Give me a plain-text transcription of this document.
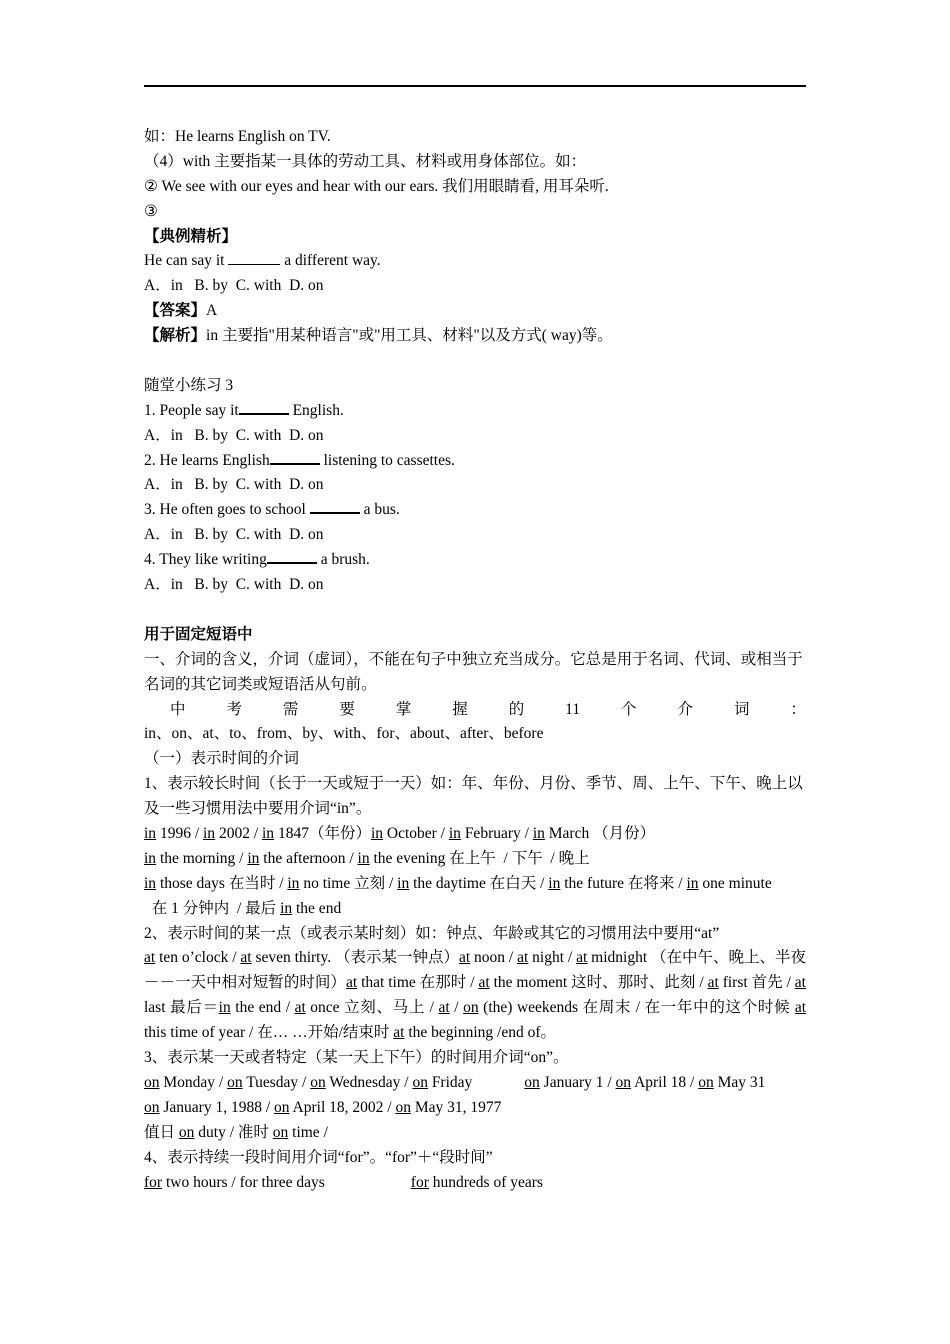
如：He learns English on TV.
（4）with 主要指某一具体的劳动工具、材料或用身体部位。如：
② We see with our eyes and hear with our ears. 我们用眼睛看, 用耳朵听.
③
【典例精析】
He can say it	a different way.
A．in   B. by  C. with  D. on
【答案】A
【解析】in 主要指"用某种语言"或"用工具、材料"以及方式( way)等。
随堂小练习 3
1. People say it	English.
A．in   B. by  C. with  D. on
2. He learns English	listening to cassettes.
A．in   B. by  C. with  D. on
3. He often goes to school	a bus.
A．in   B. by  C. with  D. on
4. They like writing	a brush.
A．in   B. by  C. with  D. on
用于固定短语中
一、介词的含义，介词（虚词），不能在句子中独立充当成分。它总是用于名词、代词、或相当于名词的其它词类或短语活从句前。
中	考	需	要	掌	握	的	11	个	介	词	：
in、on、at、to、from、by、with、for、about、after、before
（一）表示时间的介词
1、表示较长时间（长于一天或短于一天）如：年、年份、月份、季节、周、上午、下午、晚上以及一些习惯用法中要用介词“in”。
in 1996 / in 2002 / in 1847（年份）in October / in February / in March （月份）
in the morning / in the afternoon / in the evening 在上午  / 下午  / 晚上
in those days 在当时 / in no time 立刻 / in the daytime 在白天 / in the future 在将来 / in one minute
在 1 分钟内  / 最后 in the end
2、表示时间的某一点（或表示某时刻）如：钟点、年龄或其它的习惯用法中要用“at”
at ten o’clock / at seven thirty. （表示某一钟点）at noon / at night / at midnight （在中午、晚上、半夜－－一天中相对短暂的时间）at that time 在那时 / at the moment 这时、那时、此刻 / at first 首先 / at last 最后＝in the end / at once 立刻、马上 / at / on (the) weekends 在周末 / 在一年中的这个时候 at this time of year / 在… …开始/结束时 at the beginning /end of。
3、表示某一天或者特定（某一天上下午）的时间用介词“on”。
on Monday / on Tuesday / on Wednesday / on Friday	on January 1 / on April 18 / on May 31
on January 1, 1988 / on April 18, 2002 / on May 31, 1977
值日 on duty / 准时 on time /
4、表示持续一段时间用介词“for”。“for”＋“段时间”
for two hours / for three days	for hundreds of years
